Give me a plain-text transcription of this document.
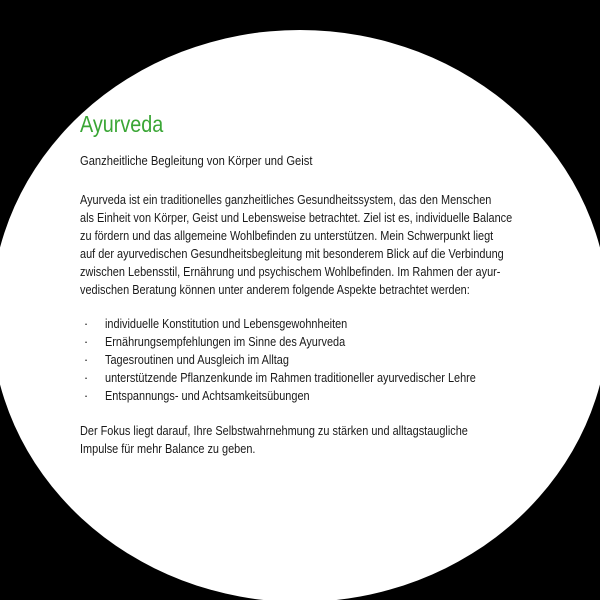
Ayurveda
Ganzheitliche Begleitung von Körper und Geist
Ayurveda ist ein traditionelles ganzheitliches Gesundheitssystem, das den Menschen
als Einheit von Körper, Geist und Lebensweise betrachtet. Ziel ist es, individuelle Balance
zu fördern und das allgemeine Wohlbefinden zu unterstützen. Mein Schwerpunkt liegt
auf der ayurvedischen Gesundheitsbegleitung mit besonderem Blick auf die Verbindung
zwischen Lebensstil, Ernährung und psychischem Wohlbefinden. Im Rahmen der ayur-
vedischen Beratung können unter anderem folgende Aspekte betrachtet werden:
· individuelle Konstitution und Lebensgewohnheiten
· Ernährungsempfehlungen im Sinne des Ayurveda
· Tagesroutinen und Ausgleich im Alltag
· unterstützende Pflanzenkunde im Rahmen traditioneller ayurvedischer Lehre
· Entspannungs- und Achtsamkeitsübungen
Der Fokus liegt darauf, Ihre Selbstwahrnehmung zu stärken und alltagstaugliche
Impulse für mehr Balance zu geben.
